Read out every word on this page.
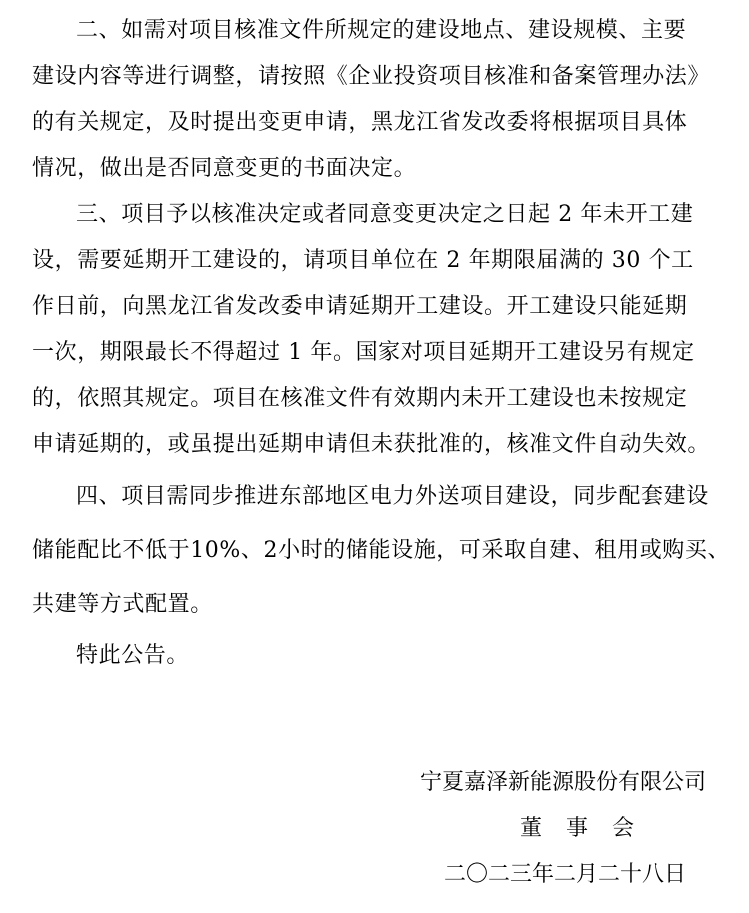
二、如需对项目核准文件所规定的建设地点、建设规模、主要
建设内容等进行调整，请按照《企业投资项目核准和备案管理办法》
的有关规定，及时提出变更申请，黑龙江省发改委将根据项目具体
情况，做出是否同意变更的书面决定。
三、项目予以核准决定或者同意变更决定之日起 2 年未开工建
设，需要延期开工建设的，请项目单位在 2 年期限届满的 30 个工
作日前，向黑龙江省发改委申请延期开工建设。开工建设只能延期
一次，期限最长不得超过 1 年。国家对项目延期开工建设另有规定
的，依照其规定。项目在核准文件有效期内未开工建设也未按规定
申请延期的，或虽提出延期申请但未获批准的，核准文件自动失效。
四、项目需同步推进东部地区电力外送项目建设，同步配套建设
储能配比不低于10%、2小时的储能设施，可采取自建、租用或购买、
共建等方式配置。
特此公告。
宁夏嘉泽新能源股份有限公司
董事会
二〇二三年二月二十八日
